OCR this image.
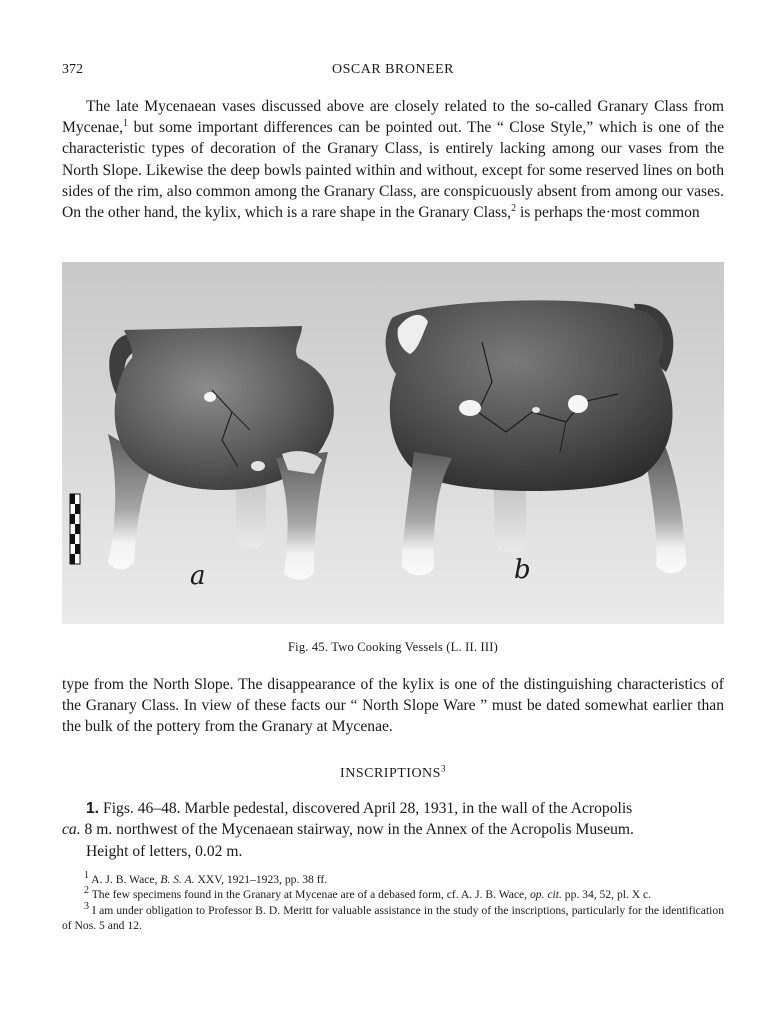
372	OSCAR BRONEER

The late Mycenaean vases discussed above are closely related to the so-called Granary Class from Mycenae,$^1$ but some important differences can be pointed out. The “ Close Style,” which is one of the characteristic types of decoration of the Granary Class, is entirely lacking among our vases from the North Slope. Likewise the deep bowls painted within and without, except for some reserved lines on both sides of the rim, also common among the Granary Class, are conspicuously absent from among our vases. On the other hand, the kylix, which is a rare shape in the Granary Class,$^2$ is perhaps the·most common

a	b
Fig. 45. Two Cooking Vessels (L. II. III)

type from the North Slope. The disappearance of the kylix is one of the distinguishing characteristics of the Granary Class. In view of these facts our “ North Slope Ware ” must be dated somewhat earlier than the bulk of the pottery from the Granary at Mycenae.

INSCRIPTIONS$^3$
1. Figs. 46–48. Marble pedestal, discovered April 28, 1931, in the wall of the Acropolis
ca. 8 m. northwest of the Mycenaean stairway, now in the Annex of the Acropolis Museum.
Height of letters, 0.02 m.

$^1$ A. J. B. Wace, B. S. A. XXV, 1921–1923, pp. 38 ff.

$^2$ The few specimens found in the Granary at Mycenae are of a debased form, cf. A. J. B. Wace, op. cit. pp. 34, 52, pl. X c.

$^3$ I am under obligation to Professor B. D. Meritt for valuable assistance in the study of the inscriptions, particularly for the identification of Nos. 5 and 12.
